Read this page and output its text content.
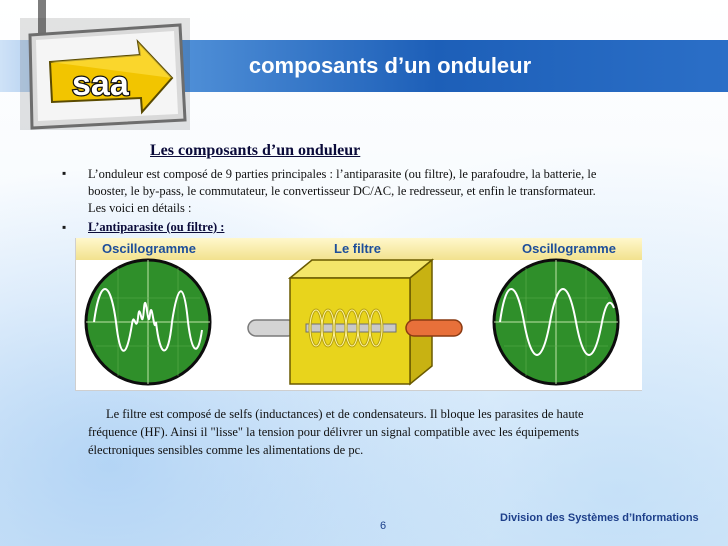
saa	composants d’un onduleur
Les composants d’un onduleur
▪
L’onduleur est composé de 9 parties principales : l’antiparasite (ou filtre), le parafoudre, la batterie, le
booster, le by-pass, le commutateur, le convertisseur DC/AC, le redresseur, et enfin le transformateur.
Les voici en détails :
▪
L’antiparasite (ou filtre) :
Oscillogramme	Le filtre	Oscillogramme
Le filtre est composé de selfs (inductances) et de condensateurs. Il bloque les parasites de haute
fréquence (HF). Ainsi il "lisse" la tension pour délivrer un signal compatible avec les équipements
électroniques sensibles comme les alimentations de pc.
Division des Systèmes d’Informations
6
